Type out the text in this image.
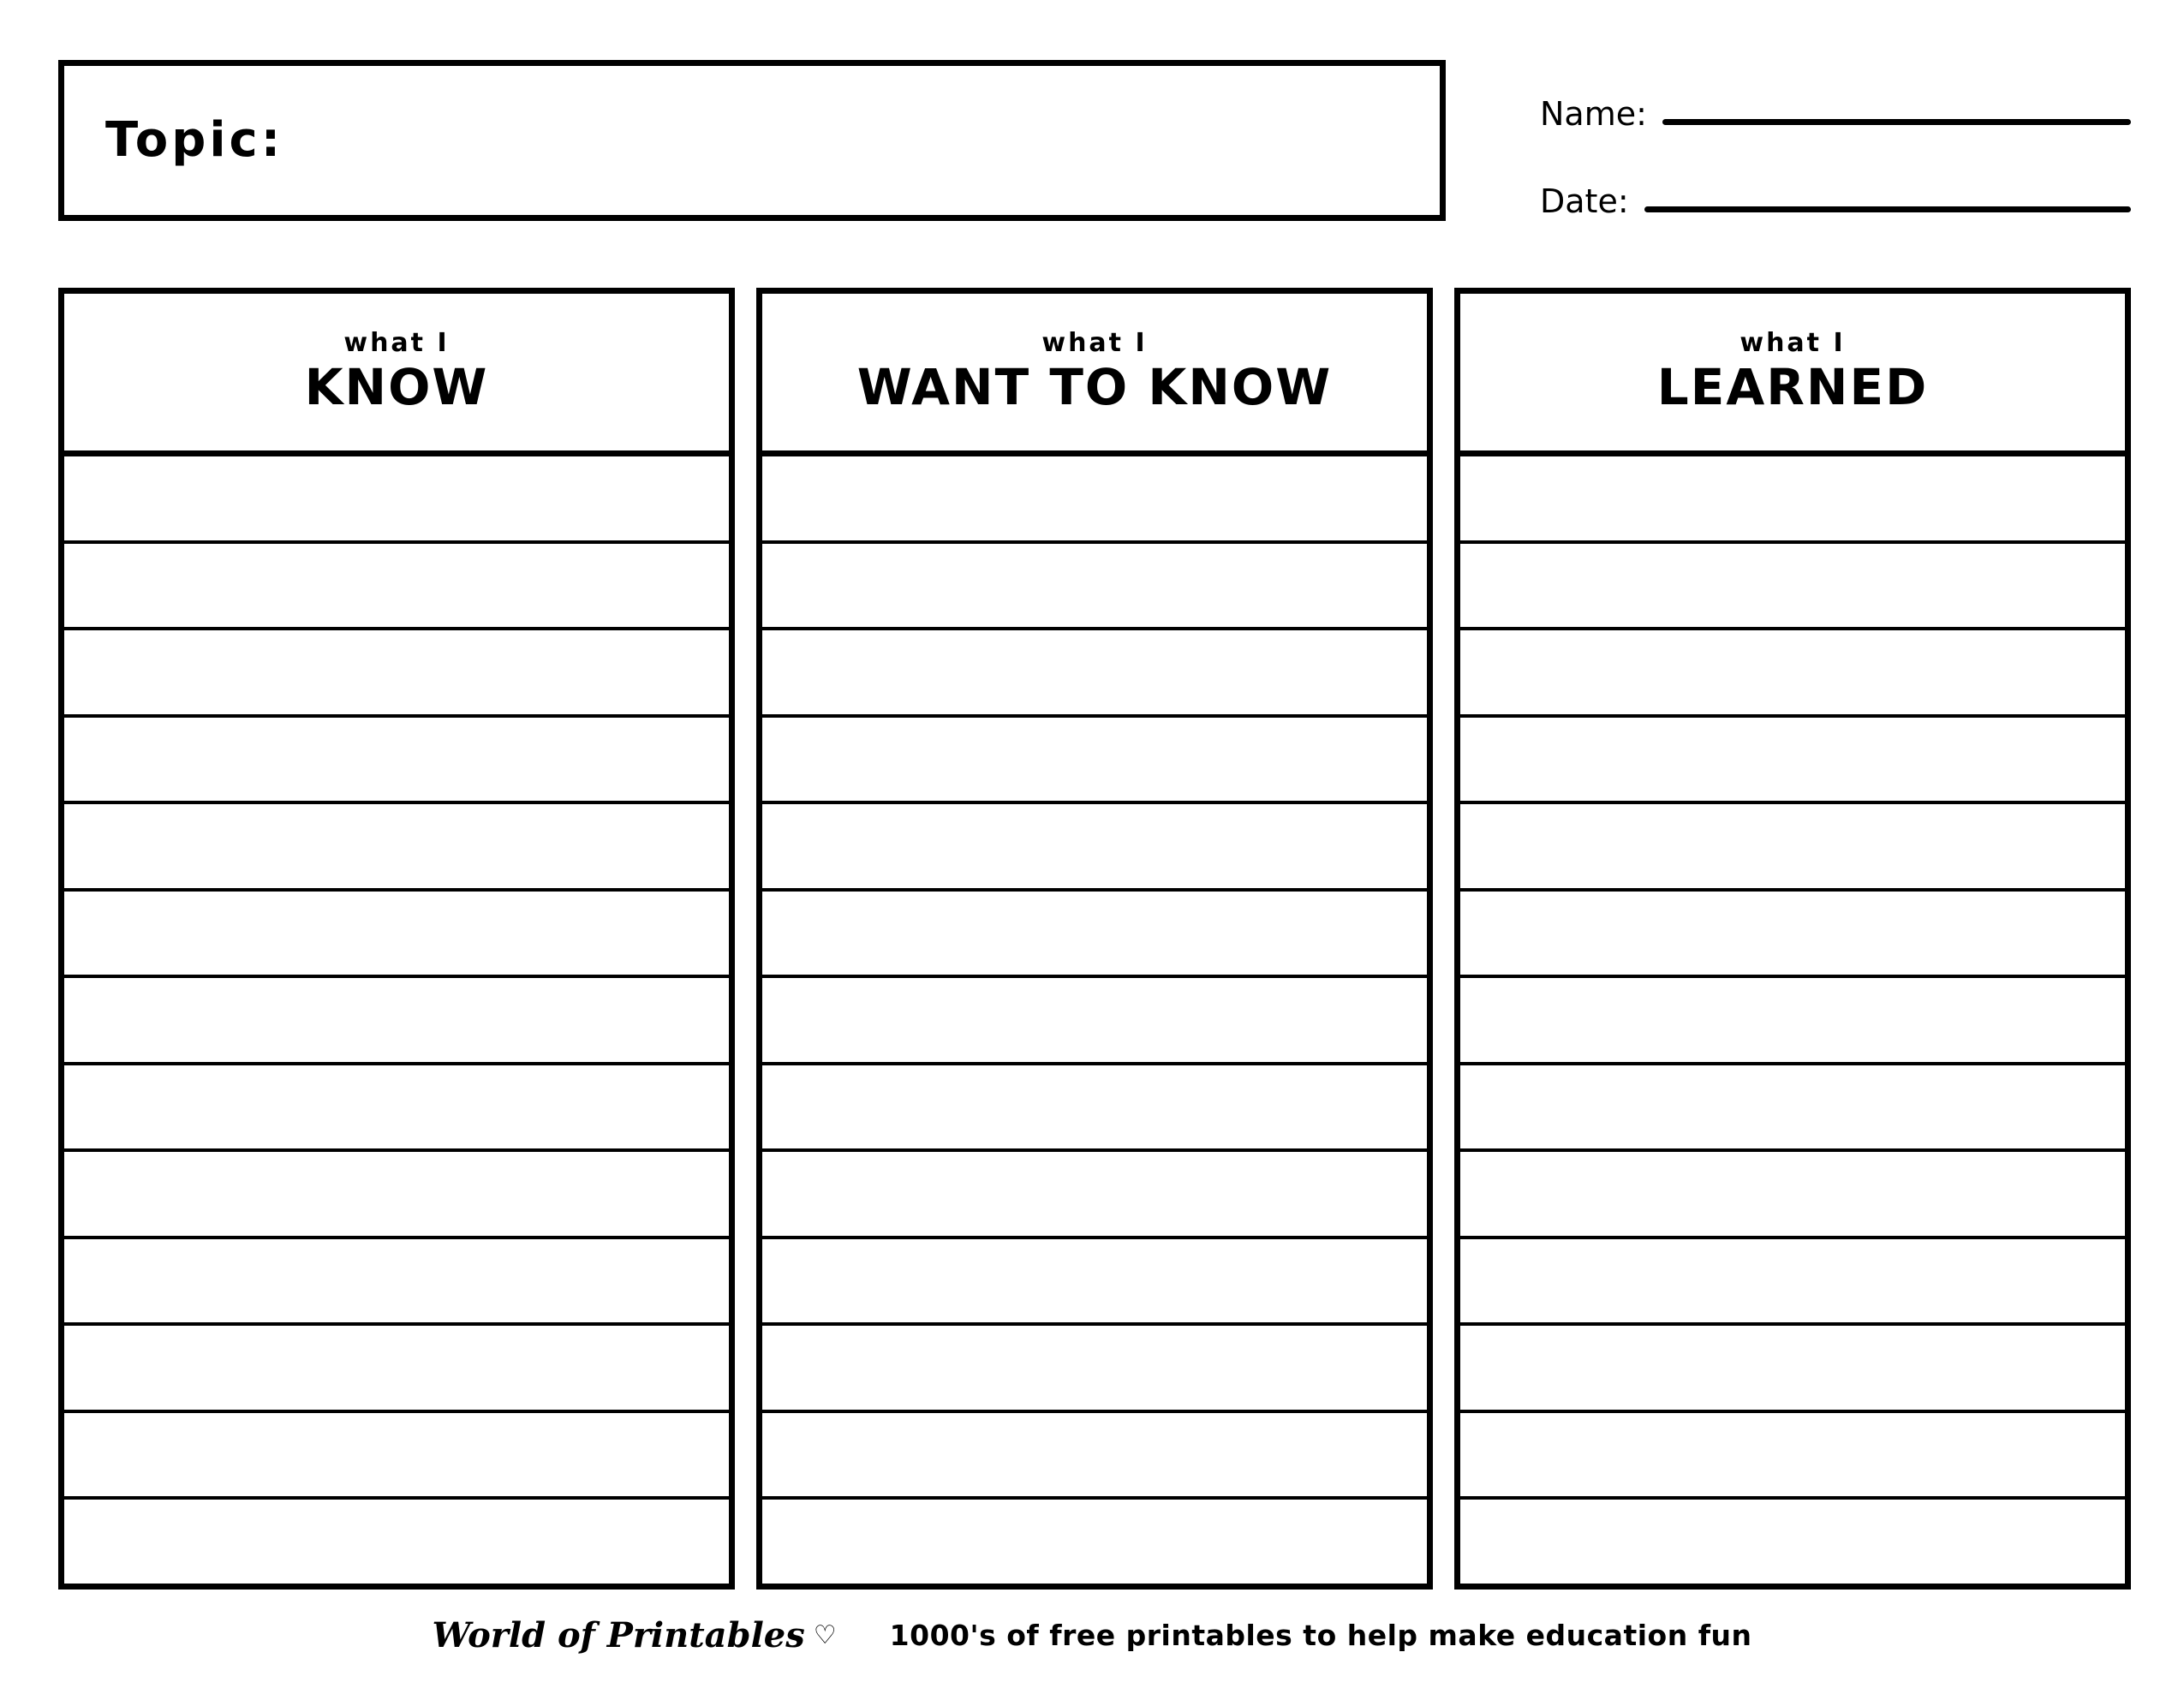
Topic:	Name:
Date:
what I
KNOW
what I
WANT TO KNOW
what I
LEARNED
World of Printables ♡ 1000's of free printables to help make education fun
